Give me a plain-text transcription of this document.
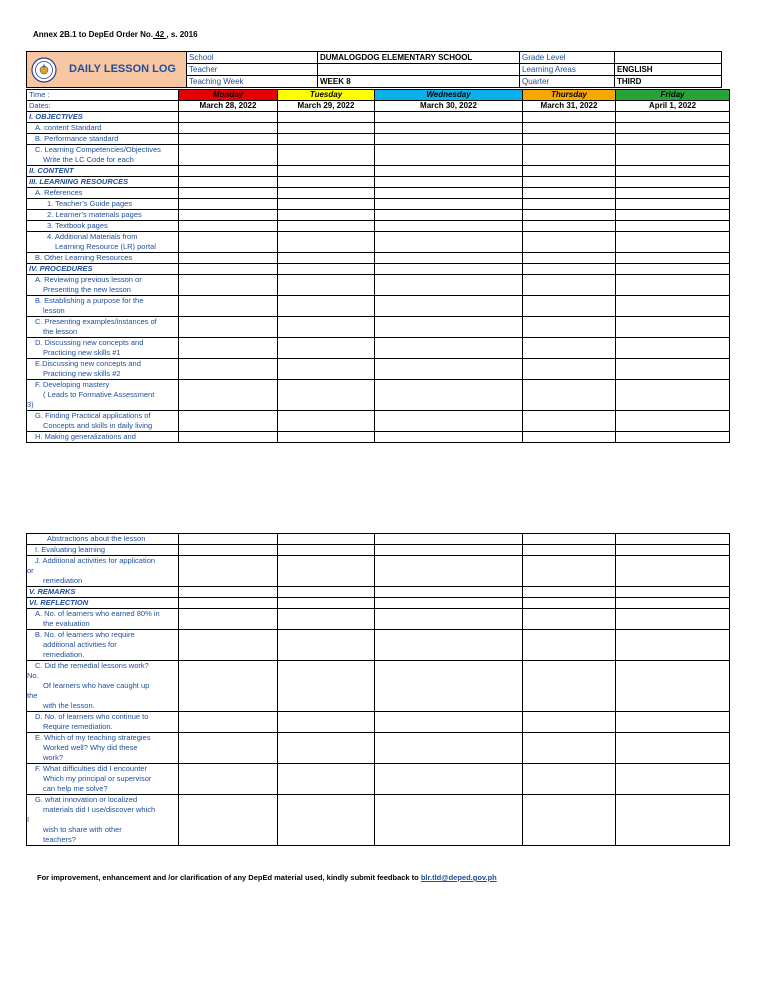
Annex 2B.1 to DepEd Order No. 42 , s. 2016
DAILY LESSON LOG	School	DUMALOGDOG ELEMENTARY SCHOOL	Grade Level	
	Teacher		Learning Areas	ENGLISH
	Teaching Week	WEEK 8	Quarter	THIRD
Time :	Monday	Tuesday	Wednesday	Thursday	Friday
Dates:	March 28, 2022	March 29, 2022	March 30, 2022	March 31, 2022	April 1, 2022

I. OBJECTIVES					

A. content Standard					

B. Performance standard					

C. Learning Competencies/Objectives
Write the LC Code for each					

II. CONTENT					

III. LEARNING RESOURCES					

A. References					

1. Teacher’s Guide pages					

2. Learner’s materials pages					

3. Textbook pages					

4. Additional Materials from
Learning Resource (LR) portal					

B. Other Learning Resources					

IV. PROCEDURES					

A. Reviewing previous lesson or
Presenting the new lesson					

B. Establishing a purpose for the
lesson					

C. Presenting examples/instances of
the lesson					

D. Discussing new concepts and
Practicing new skills #1					

E.Discussing new concepts and
Practicing new skills #2					

F. Developing mastery
( Leads to Formative Assessment
3)					

G. Finding Practical applications of
Concepts and skills in daily living					

H. Making generalizations and					

Abstractions about the lesson					

I. Evaluating learning					

J. Additional activities for application
or
remediation					

V. REMARKS					

VI. REFLECTION					

A. No. of learners who earned 80% in
the evaluation					

B. No. of learners who require
additional activities for
remediation.					

C. Did the remedial lessons work?
No.
Of learners who have caught up
the
with the lesson.					

D. No. of learners who continue to
Require remediation.					

E. Which of my teaching strategies
Worked well? Why did these
work?					

F. What difficulties did I encounter
Which my principal or supervisor
can help me solve?					

G. what innovation or localized
materials did I use/discover which
I
wish to share with other
teachers?					

For improvement, enhancement and /or clarification of any DepEd material used, kindly submit feedback to blr.tld@deped.gov.ph
